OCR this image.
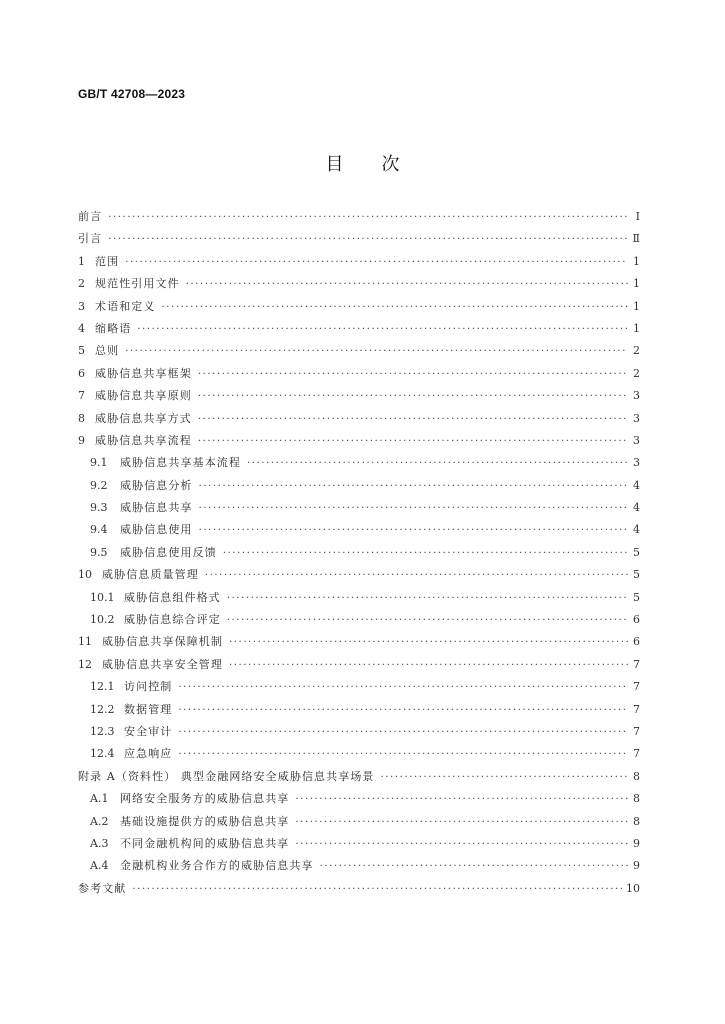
GB/T 42708—2023
目次
前言 ·····	Ⅰ
引言 ·····	Ⅱ
1 范围 ·····	1
2 规范性引用文件 ·····	1
3 术语和定义 ·····	1
4 缩略语 ·····	1
5 总则 ·····	2
6 威胁信息共享框架 ·····	2
7 威胁信息共享原则 ·····	3
8 威胁信息共享方式 ·····	3
9 威胁信息共享流程 ·····	3
9.1	威胁信息共享基本流程 ·····	3
9.2	威胁信息分析 ·····	4
9.3	威胁信息共享 ·····	4
9.4	威胁信息使用 ·····	4
9.5	威胁信息使用反馈 ·····	5
10 威胁信息质量管理 ·····	5
10.1 威胁信息组件格式 ·····	5
10.2 威胁信息综合评定 ·····	6
11 威胁信息共享保障机制 ·····	6
12 威胁信息共享安全管理 ·····	7
12.1 访问控制 ·····	7
12.2 数据管理 ·····	7
12.3 安全审计 ·····	7
12.4 应急响应 ·····	7
附录 A（资料性） 典型金融网络安全威胁信息共享场景 ·····	8
A.1	网络安全服务方的威胁信息共享 ·····	8
A.2	基础设施提供方的威胁信息共享 ·····	8
A.3	不同金融机构间的威胁信息共享 ·····	9
A.4	金融机构业务合作方的威胁信息共享 ·····	9
参考文献 ·····	10
